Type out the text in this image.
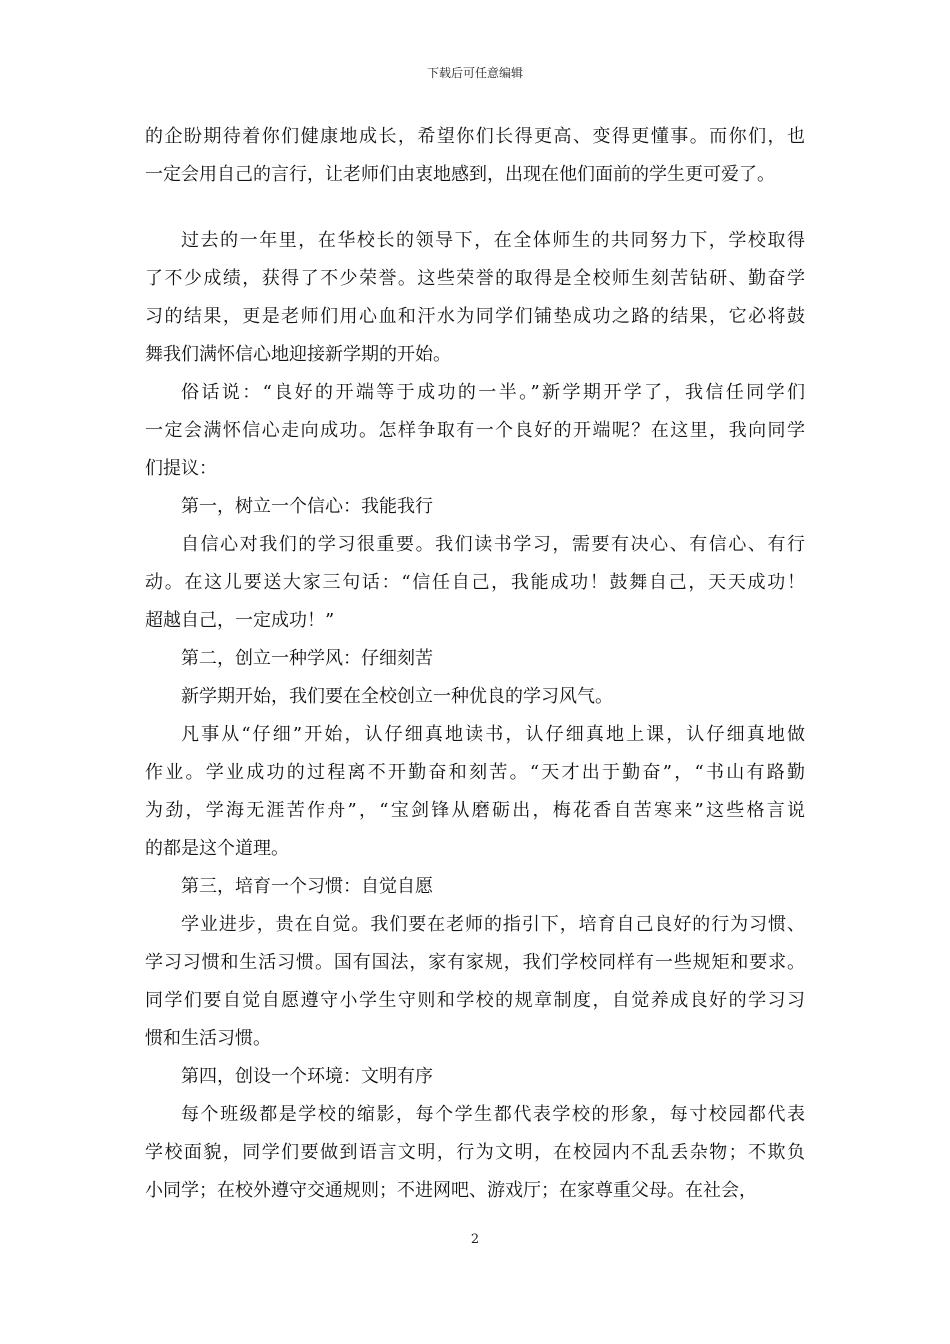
下载后可任意编辑
的企盼期待着你们健康地成长，希望你们长得更高、变得更懂事。而你们，也
一定会用自己的言行，让老师们由衷地感到，出现在他们面前的学生更可爱了。
过去的一年里，在华校长的领导下，在全体师生的共同努力下，学校取得
了不少成绩，获得了不少荣誉。这些荣誉的取得是全校师生刻苦钻研、勤奋学
习的结果，更是老师们用心血和汗水为同学们铺垫成功之路的结果，它必将鼓
舞我们满怀信心地迎接新学期的开始。
俗话说：“良好的开端等于成功的一半。”新学期开学了，我信任同学们
一定会满怀信心走向成功。怎样争取有一个良好的开端呢？在这里，我向同学
们提议：
第一，树立一个信心：我能我行
自信心对我们的学习很重要。我们读书学习，需要有决心、有信心、有行
动。在这儿要送大家三句话：“信任自己，我能成功！鼓舞自己，天天成功！
超越自己，一定成功！”
第二，创立一种学风：仔细刻苦
新学期开始，我们要在全校创立一种优良的学习风气。
凡事从“仔细”开始，认仔细真地读书，认仔细真地上课，认仔细真地做
作业。学业成功的过程离不开勤奋和刻苦。“天才出于勤奋”，“书山有路勤
为劲，学海无涯苦作舟”，“宝剑锋从磨砺出，梅花香自苦寒来”这些格言说
的都是这个道理。
第三，培育一个习惯：自觉自愿
学业进步，贵在自觉。我们要在老师的指引下，培育自己良好的行为习惯、
学习习惯和生活习惯。国有国法，家有家规，我们学校同样有一些规矩和要求。
同学们要自觉自愿遵守小学生守则和学校的规章制度，自觉养成良好的学习习
惯和生活习惯。
第四，创设一个环境：文明有序
每个班级都是学校的缩影，每个学生都代表学校的形象，每寸校园都代表
学校面貌，同学们要做到语言文明，行为文明，在校园内不乱丢杂物；不欺负
小同学；在校外遵守交通规则；不进网吧、游戏厅；在家尊重父母。在社会，
2
